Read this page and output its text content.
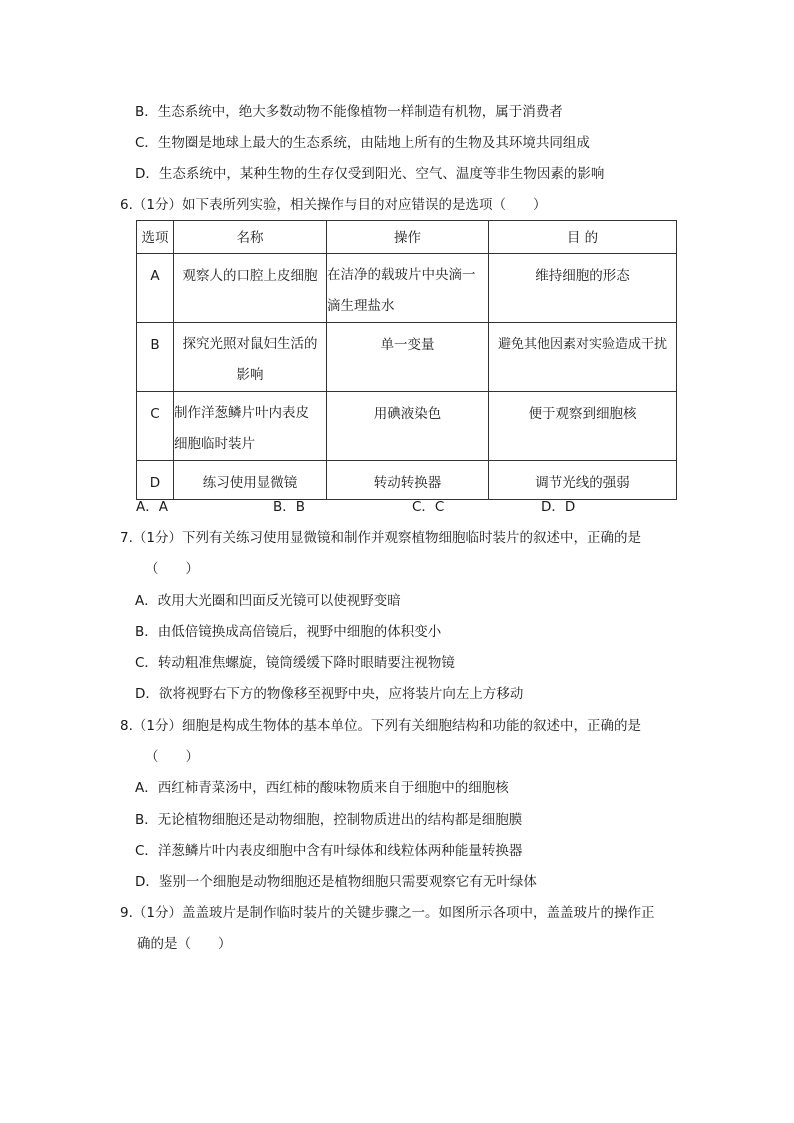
B．生态系统中，绝大多数动物不能像植物一样制造有机物，属于消费者
C．生物圈是地球上最大的生态系统，由陆地上所有的生物及其环境共同组成
D．生态系统中，某种生物的生存仅受到阳光、空气、温度等非生物因素的影响
6.（1分）如下表所列实验，相关操作与目的对应错误的是选项（　　）
选项	名称	操作	目 的
A	观察人的口腔上皮细胞	在洁净的载玻片中央滴一
滴生理盐水	维持细胞的形态
B	探究光照对鼠妇生活的
影响	单一变量	避免其他因素对实验造成干扰
C	制作洋葱鳞片叶内表皮
细胞临时装片	用碘液染色	便于观察到细胞核
D	练习使用显微镜	转动转换器	调节光线的强弱
A．A	B．B	C．C	D．D
7.（1分）下列有关练习使用显微镜和制作并观察植物细胞临时装片的叙述中，正确的是
（　　）
A．改用大光圈和凹面反光镜可以使视野变暗
B．由低倍镜换成高倍镜后，视野中细胞的体积变小
C．转动粗准焦螺旋，镜筒缓缓下降时眼睛要注视物镜
D．欲将视野右下方的物像移至视野中央，应将装片向左上方移动
8.（1分）细胞是构成生物体的基本单位。下列有关细胞结构和功能的叙述中，正确的是
（　　）
A．西红柿青菜汤中，西红柿的酸味物质来自于细胞中的细胞核
B．无论植物细胞还是动物细胞，控制物质进出的结构都是细胞膜
C．洋葱鳞片叶内表皮细胞中含有叶绿体和线粒体两种能量转换器
D．鉴别一个细胞是动物细胞还是植物细胞只需要观察它有无叶绿体
9.（1分）盖盖玻片是制作临时装片的关键步骤之一。如图所示各项中，盖盖玻片的操作正
确的是（　　）
